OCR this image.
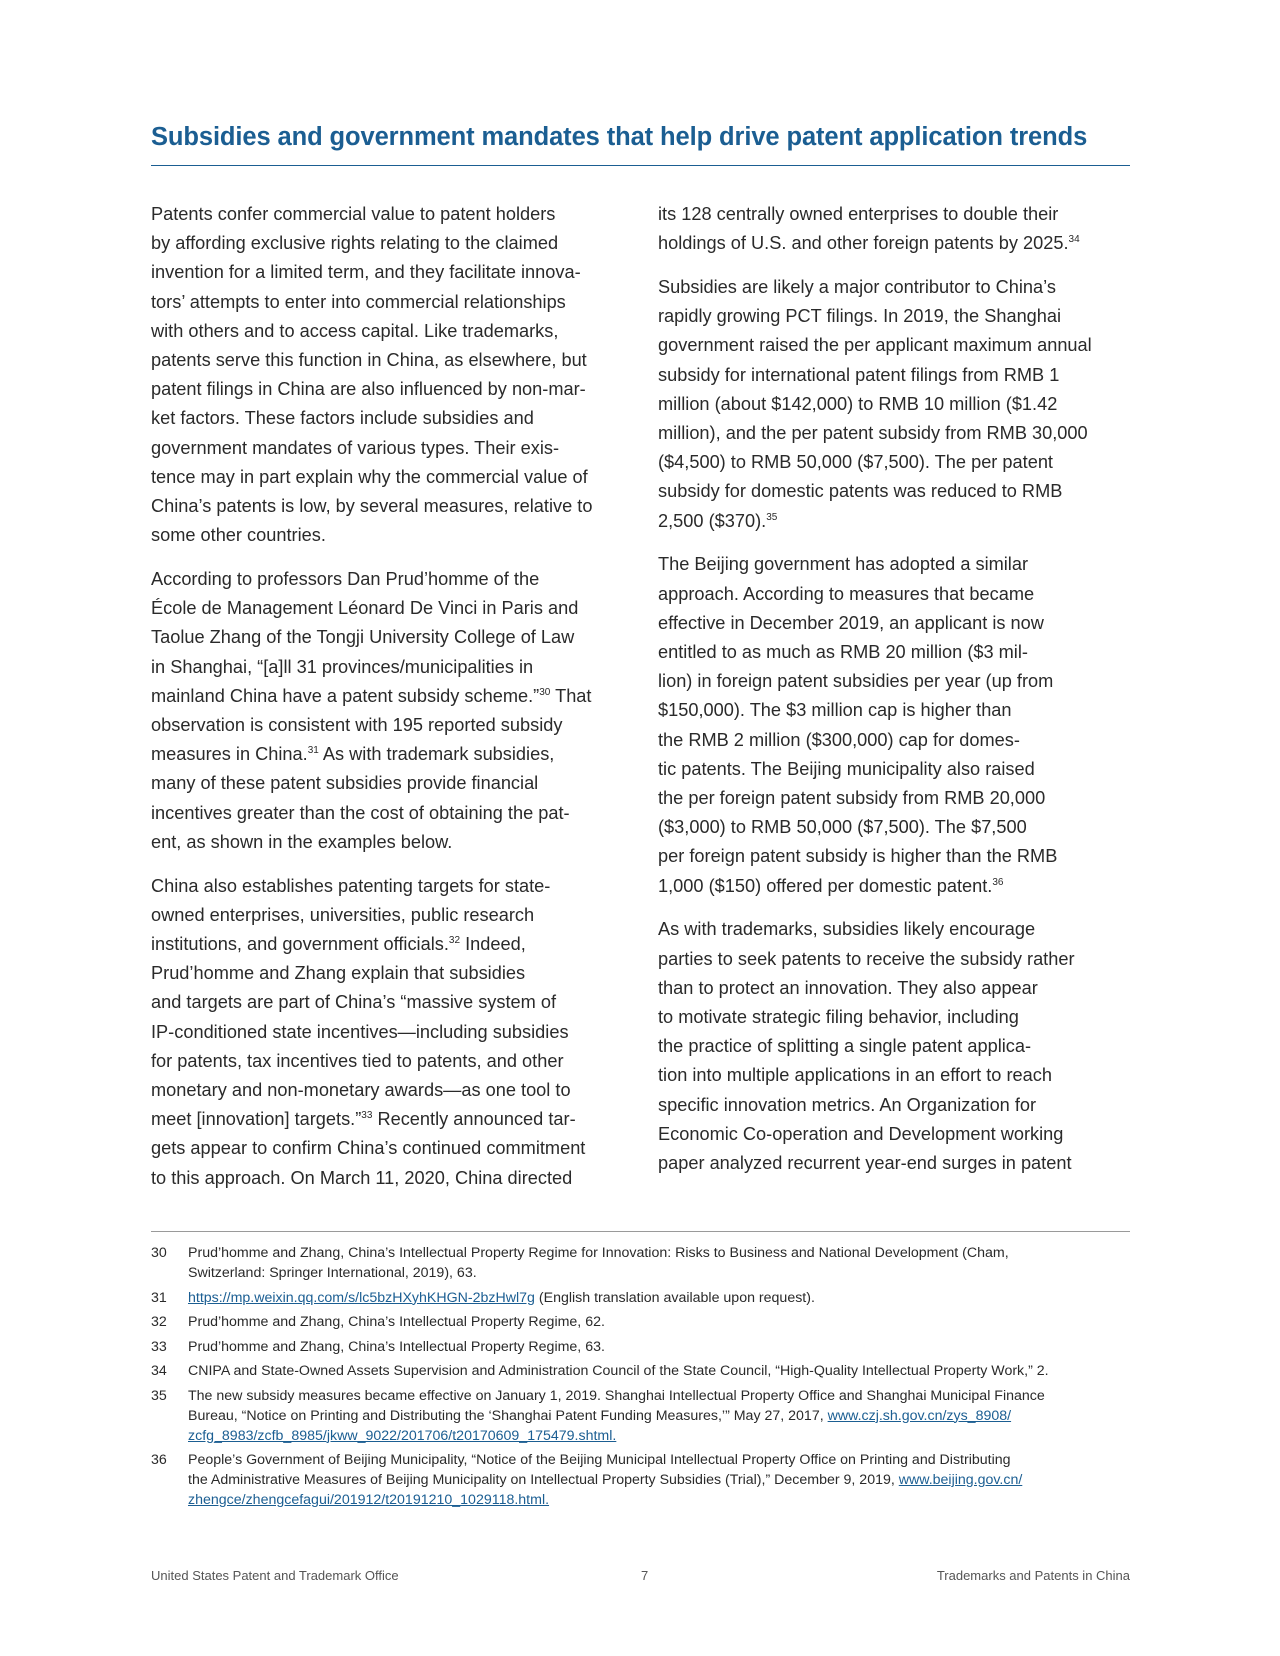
Subsidies and government mandates that help drive patent application trends

Patents confer commercial value to patent holders
by affording exclusive rights relating to the claimed
invention for a limited term, and they facilitate innova-
tors’ attempts to enter into commercial relationships
with others and to access capital. Like trademarks,
patents serve this function in China, as elsewhere, but
patent filings in China are also influenced by non-mar-
ket factors. These factors include subsidies and
government mandates of various types. Their exis-
tence may in part explain why the commercial value of
China’s patents is low, by several measures, relative to
some other countries.

According to professors Dan Prud’homme of the
École de Management Léonard De Vinci in Paris and
Taolue Zhang of the Tongji University College of Law
in Shanghai, “[a]ll 31 provinces/municipalities in
mainland China have a patent subsidy scheme.”$^{30}$ That
observation is consistent with 195 reported subsidy
measures in China.$^{31}$ As with trademark subsidies,
many of these patent subsidies provide financial
incentives greater than the cost of obtaining the pat-
ent, as shown in the examples below.

China also establishes patenting targets for state-
owned enterprises, universities, public research
institutions, and government officials.$^{32}$ Indeed,
Prud’homme and Zhang explain that subsidies
and targets are part of China’s “massive system of
IP-conditioned state incentives—including subsidies
for patents, tax incentives tied to patents, and other
monetary and non-monetary awards—as one tool to
meet [innovation] targets.”$^{33}$ Recently announced tar-
gets appear to confirm China’s continued commitment
to this approach. On March 11, 2020, China directed

its 128 centrally owned enterprises to double their
holdings of U.S. and other foreign patents by 2025.34

Subsidies are likely a major contributor to China’s
rapidly growing PCT filings. In 2019, the Shanghai
government raised the per applicant maximum annual
subsidy for international patent filings from RMB 1
million (about $142,000) to RMB 10 million ($1.42
million), and the per patent subsidy from RMB 30,000
($4,500) to RMB 50,000 ($7,500). The per patent
subsidy for domestic patents was reduced to RMB
2,500 ($370).$^{35}$

The Beijing government has adopted a similar
approach. According to measures that became
effective in December 2019, an applicant is now
entitled to as much as RMB 20 million ($3 mil-
lion) in foreign patent subsidies per year (up from
$150,000). The $3 million cap is higher than
the RMB 2 million ($300,000) cap for domes-
tic patents. The Beijing municipality also raised
the per foreign patent subsidy from RMB 20,000
($3,000) to RMB 50,000 ($7,500). The $7,500
per foreign patent subsidy is higher than the RMB
1,000 ($150) offered per domestic patent.$^{36}$

As with trademarks, subsidies likely encourage
parties to seek patents to receive the subsidy rather
than to protect an innovation. They also appear
to motivate strategic filing behavior, including
the practice of splitting a single patent applica-
tion into multiple applications in an effort to reach
specific innovation metrics. An Organization for
Economic Co-operation and Development working
paper analyzed recurrent year-end surges in patent

30	Prud’homme and Zhang, China’s Intellectual Property Regime for Innovation: Risks to Business and National Development (Cham,
Switzerland: Springer International, 2019), 63.
31	https://mp.weixin.qq.com/s/lc5bzHXyhKHGN-2bzHwl7g (English translation available upon request).
32	Prud’homme and Zhang, China’s Intellectual Property Regime, 62.
33	Prud’homme and Zhang, China’s Intellectual Property Regime, 63.
34	CNIPA and State-Owned Assets Supervision and Administration Council of the State Council, “High-Quality Intellectual Property Work,” 2.
35	The new subsidy measures became effective on January 1, 2019. Shanghai Intellectual Property Office and Shanghai Municipal Finance
Bureau, “Notice on Printing and Distributing the ‘Shanghai Patent Funding Measures,’” May 27, 2017, www.czj.sh.gov.cn/zys_8908/
zcfg_8983/zcfb_8985/jkww_9022/201706/t20170609_175479.shtml.
36	People’s Government of Beijing Municipality, “Notice of the Beijing Municipal Intellectual Property Office on Printing and Distributing
the Administrative Measures of Beijing Municipality on Intellectual Property Subsidies (Trial),” December 9, 2019, www.beijing.gov.cn/
zhengce/zhengcefagui/201912/t20191210_1029118.html.
United States Patent and Trademark Office	7	Trademarks and Patents in China
